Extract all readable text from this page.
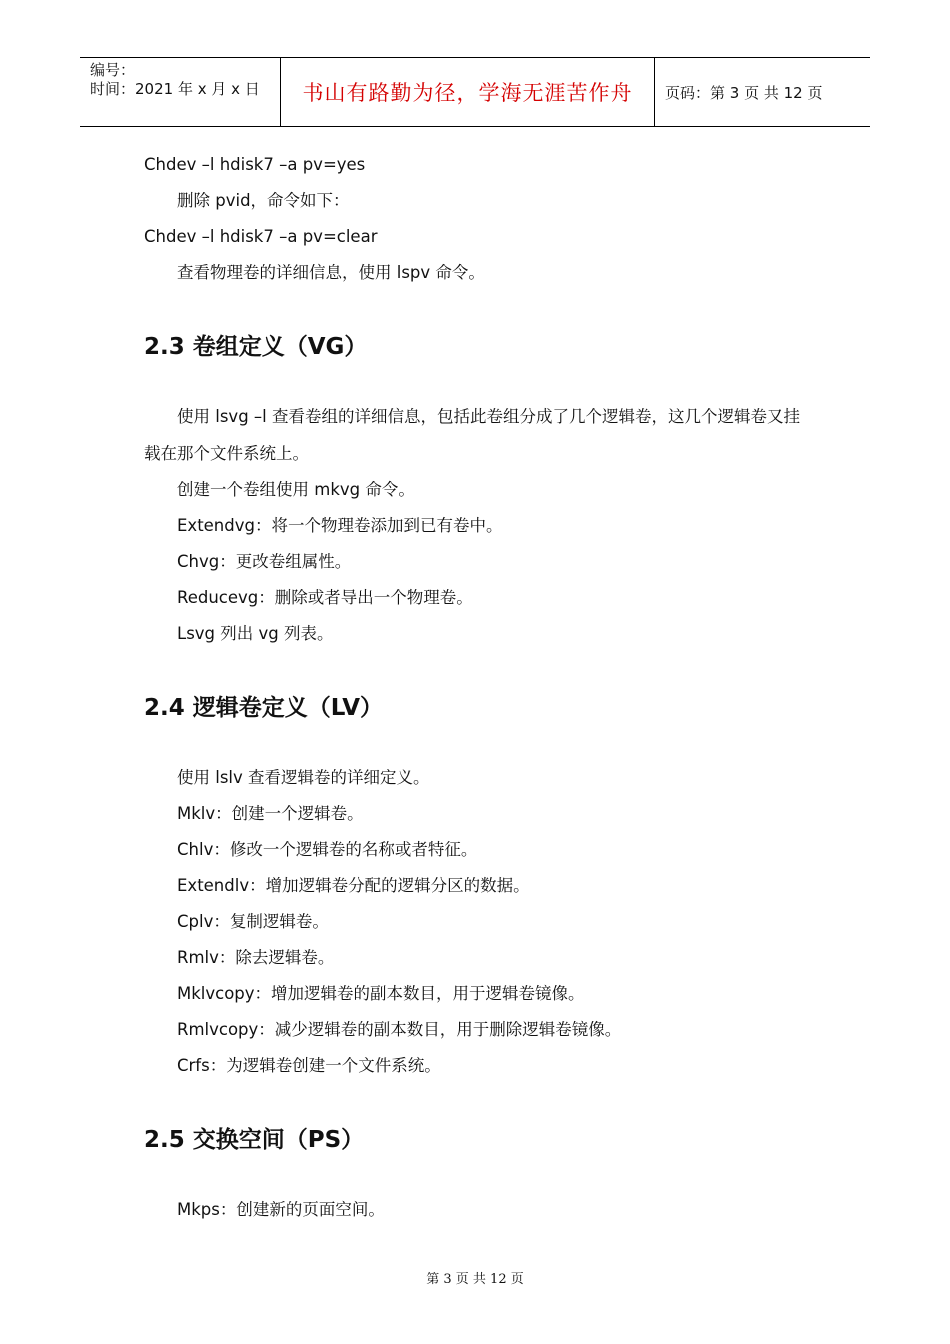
编号：
时间：2021 年 x 月 x 日 书山有路勤为径，学海无涯苦作舟 页码：第 3 页 共 12 页
Chdev –l hdisk7 –a pv=yes
删除 pvid，命令如下：
Chdev –l hdisk7 –a pv=clear
查看物理卷的详细信息，使用 lspv 命令。
2.3 卷组定义（VG）
使用 lsvg –l 查看卷组的详细信息，包括此卷组分成了几个逻辑卷，这几个逻辑卷又挂
载在那个文件系统上。
创建一个卷组使用 mkvg 命令。
Extendvg：将一个物理卷添加到已有卷中。
Chvg：更改卷组属性。
Reducevg：删除或者导出一个物理卷。
Lsvg 列出 vg 列表。
2.4 逻辑卷定义（LV）
使用 lslv 查看逻辑卷的详细定义。
Mklv：创建一个逻辑卷。
Chlv：修改一个逻辑卷的名称或者特征。
Extendlv：增加逻辑卷分配的逻辑分区的数据。
Cplv：复制逻辑卷。
Rmlv：除去逻辑卷。
Mklvcopy：增加逻辑卷的副本数目，用于逻辑卷镜像。
Rmlvcopy：减少逻辑卷的副本数目，用于删除逻辑卷镜像。
Crfs：为逻辑卷创建一个文件系统。
2.5 交换空间（PS）
Mkps：创建新的页面空间。
第 3 页 共 12 页
